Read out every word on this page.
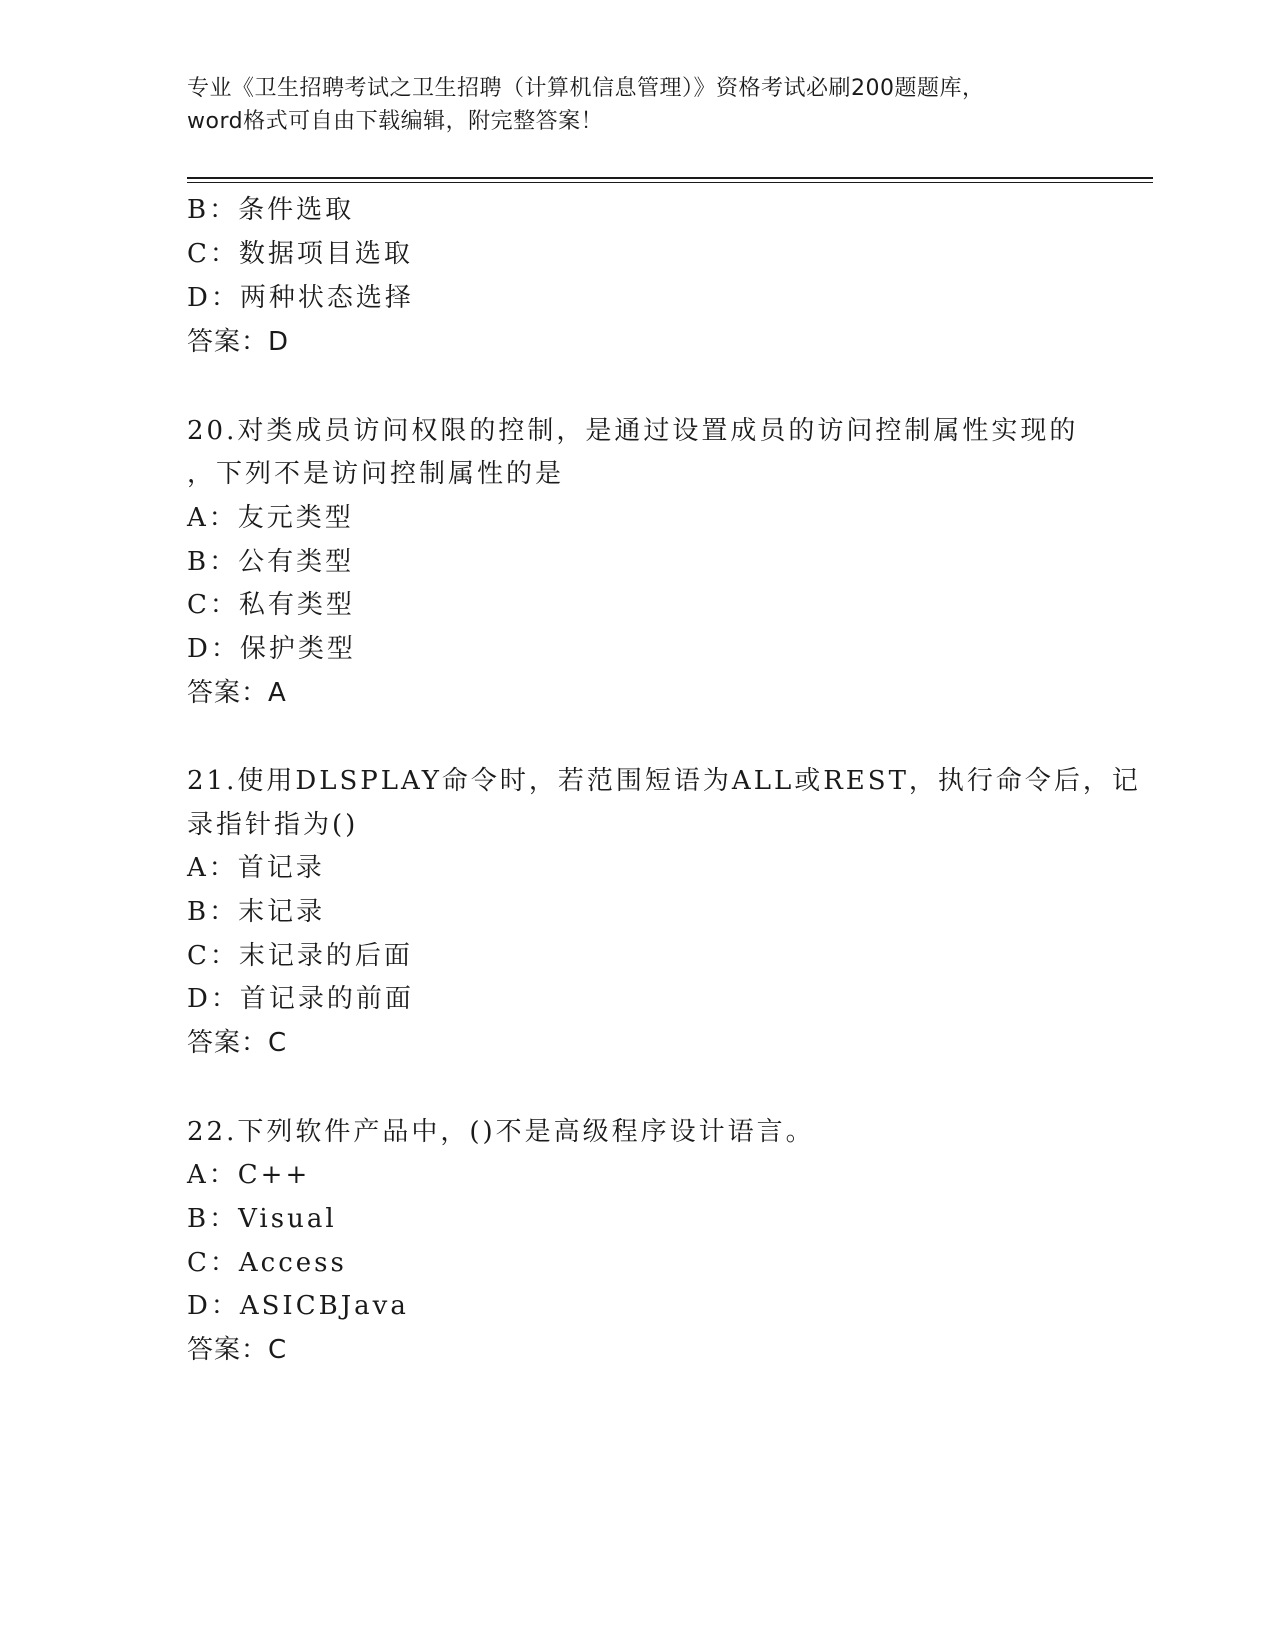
专业《卫生招聘考试之卫生招聘（计算机信息管理）》资格考试必刷200题题库，
word格式可自由下载编辑，附完整答案！
B：条件选取
C：数据项目选取
D：两种状态选择
答案：D
20.对类成员访问权限的控制，是通过设置成员的访问控制属性实现的
，下列不是访问控制属性的是
A：友元类型
B：公有类型
C：私有类型
D：保护类型
答案：A
21.使用DLSPLAY命令时，若范围短语为ALL或REST，执行命令后，记
录指针指为()
A：首记录
B：末记录
C：末记录的后面
D：首记录的前面
答案：C
22.下列软件产品中，()不是高级程序设计语言。
A：C++
B：Visual
C：Access
D：ASICBJava
答案：C
